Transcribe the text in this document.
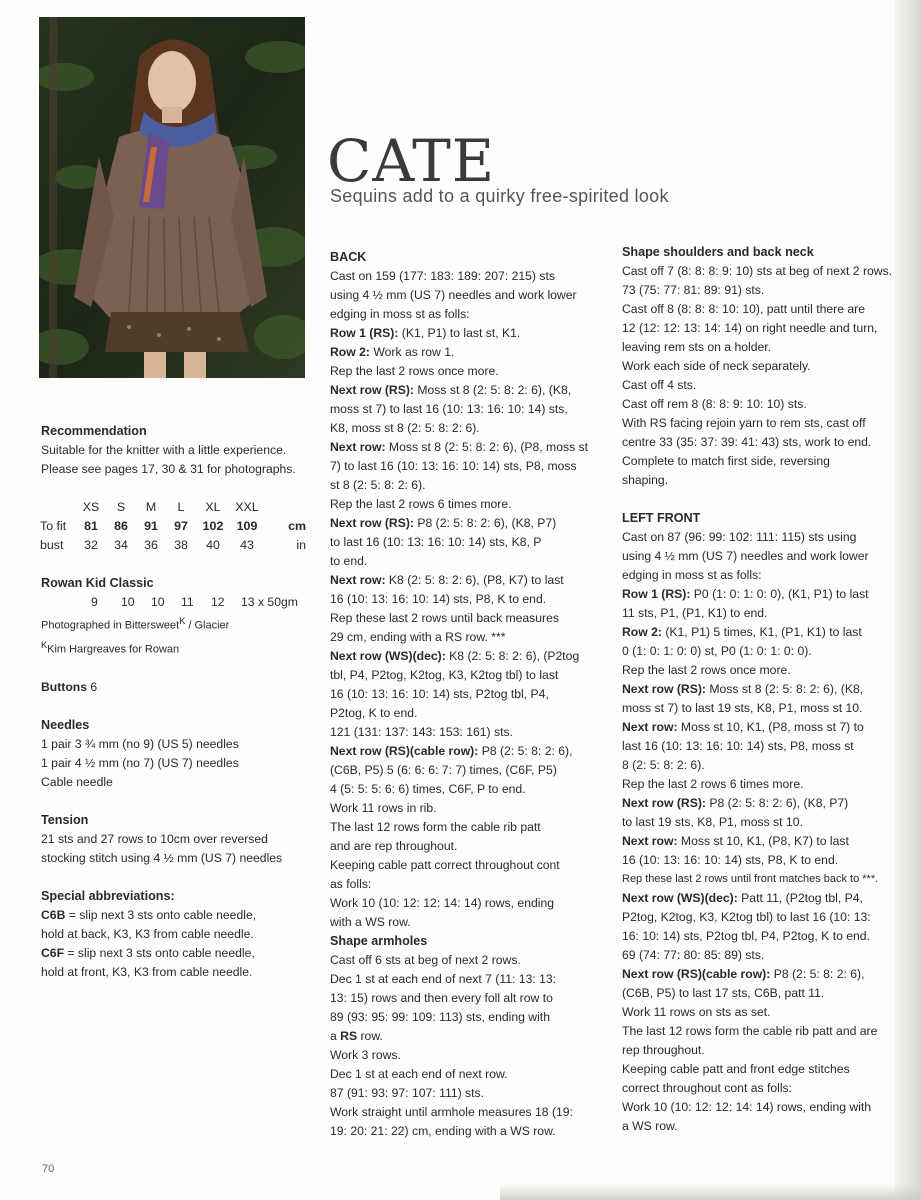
CATE
Sequins add to a quirky free-spirited look

Recommendation

Suitable for the knitter with a little experience.

Please see pages 17, 30 & 31 for photographs.

	XS	S	M	L	XL	XXL	
To fit	81	86	91	97	102	109	cm
bust	32	34	36	38	40	43	in

Rowan Kid Classic

9	10	10	11	12	13 x 50gm

Photographed in Bittersweet$^K$ / Glacier

$^K$Kim Hargreaves for Rowan

Buttons 6

Needles

1 pair 3 ¾ mm (no 9) (US 5) needles

1 pair 4 ½ mm (no 7) (US 7) needles

Cable needle

Tension

21 sts and 27 rows to 10cm over reversed

stocking stitch using 4 ½ mm (US 7) needles

Special abbreviations:

C6B = slip next 3 sts onto cable needle,

hold at back, K3, K3 from cable needle.

C6F = slip next 3 sts onto cable needle,

hold at front, K3, K3 from cable needle.

BACK

Cast on 159 (177: 183: 189: 207: 215) sts

using 4 ½ mm (US 7) needles and work lower

edging in moss st as folls:

Row 1 (RS): (K1, P1) to last st, K1.

Row 2: Work as row 1.

Rep the last 2 rows once more.

Next row (RS): Moss st 8 (2: 5: 8: 2: 6), (K8,

moss st 7) to last 16 (10: 13: 16: 10: 14) sts,

K8, moss st 8 (2: 5: 8: 2: 6).

Next row: Moss st 8 (2: 5: 8: 2: 6), (P8, moss st

7) to last 16 (10: 13: 16: 10: 14) sts, P8, moss

st 8 (2: 5: 8: 2: 6).

Rep the last 2 rows 6 times more.

Next row (RS): P8 (2: 5: 8: 2: 6), (K8, P7)

to last 16 (10: 13: 16: 10: 14) sts, K8, P

to end.

Next row: K8 (2: 5: 8: 2: 6), (P8, K7) to last

16 (10: 13: 16: 10: 14) sts, P8, K to end.

Rep these last 2 rows until back measures

29 cm, ending with a RS row. ***

Next row (WS)(dec): K8 (2: 5: 8: 2: 6), (P2tog

tbl, P4, P2tog, K2tog, K3, K2tog tbl) to last

16 (10: 13: 16: 10: 14) sts, P2tog tbl, P4,

P2tog, K to end.

121 (131: 137: 143: 153: 161) sts.

Next row (RS)(cable row): P8 (2: 5: 8: 2: 6),

(C6B, P5) 5 (6: 6: 6: 7: 7) times, (C6F, P5)

4 (5: 5: 5: 6: 6) times, C6F, P to end.

Work 11 rows in rib.

The last 12 rows form the cable rib patt

and are rep throughout.

Keeping cable patt correct throughout cont

as folls:

Work 10 (10: 12: 12: 14: 14) rows, ending

with a WS row.

Shape armholes

Cast off 6 sts at beg of next 2 rows.

Dec 1 st at each end of next 7 (11: 13: 13:

13: 15) rows and then every foll alt row to

89 (93: 95: 99: 109: 113) sts, ending with

a RS row.

Work 3 rows.

Dec 1 st at each end of next row.

87 (91: 93: 97: 107: 111) sts.

Work straight until armhole measures 18 (19:

19: 20: 21: 22) cm, ending with a WS row.

Shape shoulders and back neck

Cast off 7 (8: 8: 8: 9: 10) sts at beg of next 2 rows.

73 (75: 77: 81: 89: 91) sts.

Cast off 8 (8: 8: 8: 10: 10), patt until there are

12 (12: 12: 13: 14: 14) on right needle and turn,

leaving rem sts on a holder.

Work each side of neck separately.

Cast off 4 sts.

Cast off rem 8 (8: 8: 9: 10: 10) sts.

With RS facing rejoin yarn to rem sts, cast off

centre 33 (35: 37: 39: 41: 43) sts, work to end.

Complete to match first side, reversing

shaping.

LEFT FRONT

Cast on 87 (96: 99: 102: 111: 115) sts using

using 4 ½ mm (US 7) needles and work lower

edging in moss st as folls:

Row 1 (RS): P0 (1: 0: 1: 0: 0), (K1, P1) to last

11 sts, P1, (P1, K1) to end.

Row 2: (K1, P1) 5 times, K1, (P1, K1) to last

0 (1: 0: 1: 0: 0) st, P0 (1: 0: 1: 0: 0).

Rep the last 2 rows once more.

Next row (RS): Moss st 8 (2: 5: 8: 2: 6), (K8,

moss st 7) to last 19 sts, K8, P1, moss st 10.

Next row: Moss st 10, K1, (P8, moss st 7) to

last 16 (10: 13: 16: 10: 14) sts, P8, moss st

8 (2: 5: 8: 2: 6).

Rep the last 2 rows 6 times more.

Next row (RS): P8 (2: 5: 8: 2: 6), (K8, P7)

to last 19 sts, K8, P1, moss st 10.

Next row: Moss st 10, K1, (P8, K7) to last

16 (10: 13: 16: 10: 14) sts, P8, K to end.

Rep these last 2 rows until front matches back to ***.

Next row (WS)(dec): Patt 11, (P2tog tbl, P4,

P2tog, K2tog, K3, K2tog tbl) to last 16 (10: 13:

16: 10: 14) sts, P2tog tbl, P4, P2tog, K to end.

69 (74: 77: 80: 85: 89) sts.

Next row (RS)(cable row): P8 (2: 5: 8: 2: 6),

(C6B, P5) to last 17 sts, C6B, patt 11.

Work 11 rows on sts as set.

The last 12 rows form the cable rib patt and are

rep throughout.

Keeping cable patt and front edge stitches

correct throughout cont as folls:

Work 10 (10: 12: 12: 14: 14) rows, ending with

a WS row.

70
